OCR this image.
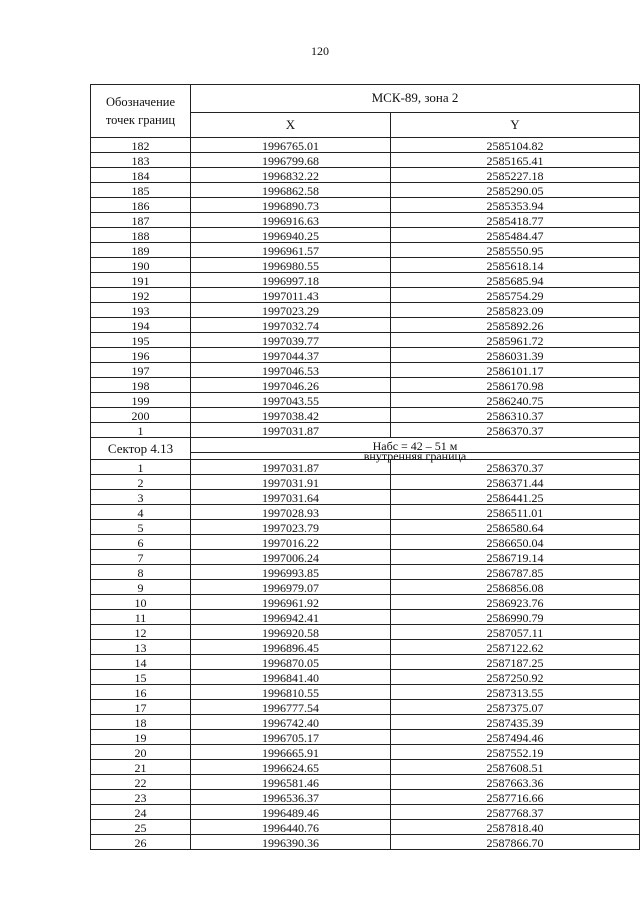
120
Обозначение точек границ	МСК-89, зона 2	
	X	Y
182	1996765.01	2585104.82
183	1996799.68	2585165.41
184	1996832.22	2585227.18
185	1996862.58	2585290.05
186	1996890.73	2585353.94
187	1996916.63	2585418.77
188	1996940.25	2585484.47
189	1996961.57	2585550.95
190	1996980.55	2585618.14
191	1996997.18	2585685.94
192	1997011.43	2585754.29
193	1997023.29	2585823.09
194	1997032.74	2585892.26
195	1997039.77	2585961.72
196	1997044.37	2586031.39
197	1997046.53	2586101.17
198	1997046.26	2586170.98
199	1997043.55	2586240.75
200	1997038.42	2586310.37
1	1997031.87	2586370.37
Сектор 4.13	Набс = 42 – 51 м	
	внутренняя граница	
1	1997031.87	2586370.37
2	1997031.91	2586371.44
3	1997031.64	2586441.25
4	1997028.93	2586511.01
5	1997023.79	2586580.64
6	1997016.22	2586650.04
7	1997006.24	2586719.14
8	1996993.85	2586787.85
9	1996979.07	2586856.08
10	1996961.92	2586923.76
11	1996942.41	2586990.79
12	1996920.58	2587057.11
13	1996896.45	2587122.62
14	1996870.05	2587187.25
15	1996841.40	2587250.92
16	1996810.55	2587313.55
17	1996777.54	2587375.07
18	1996742.40	2587435.39
19	1996705.17	2587494.46
20	1996665.91	2587552.19
21	1996624.65	2587608.51
22	1996581.46	2587663.36
23	1996536.37	2587716.66
24	1996489.46	2587768.37
25	1996440.76	2587818.40
26	1996390.36	2587866.70
